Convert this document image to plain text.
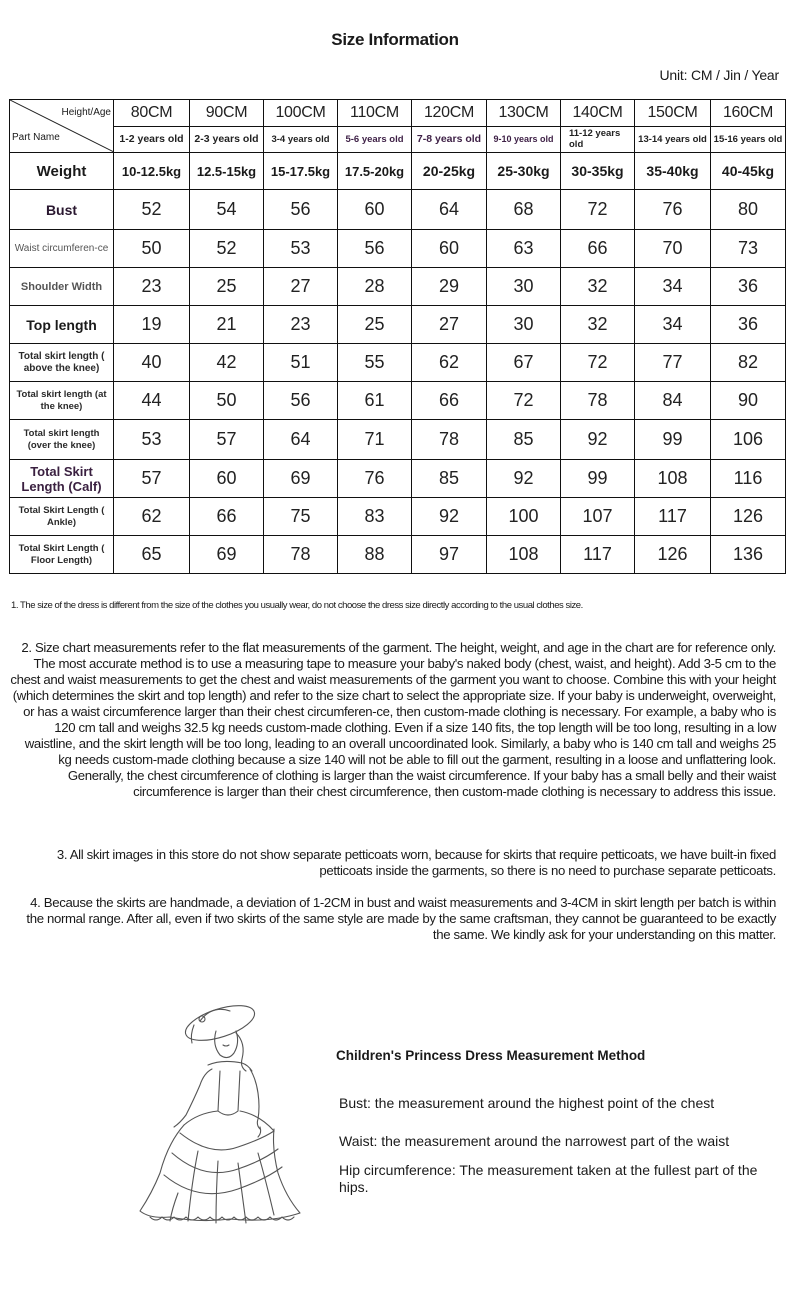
Size Information
Unit: CM / Jin / Year
Height/Age
Part Name	80CM	90CM	100CM	110CM	120CM	130CM	140CM	150CM	160CM
	1-2 years old	2-3 years old	3-4 years old	5-6 years old	7-8 years old	9-10 years old	11-12 years old	13-14 years old	15-16 years old
Weight	10-12.5kg	12.5-15kg	15-17.5kg	17.5-20kg	20-25kg	25-30kg	30-35kg	35-40kg	40-45kg
Bust	52	54	56	60	64	68	72	76	80
Waist circumferen-ce	50	52	53	56	60	63	66	70	73
Shoulder Width	23	25	27	28	29	30	32	34	36
Top length	19	21	23	25	27	30	32	34	36
Total skirt length ( above the knee)	40	42	51	55	62	67	72	77	82
Total skirt length (at the knee)	44	50	56	61	66	72	78	84	90
Total skirt length (over the knee)	53	57	64	71	78	85	92	99	106
Total Skirt Length (Calf)	57	60	69	76	85	92	99	108	116
Total Skirt Length ( Ankle)	62	66	75	83	92	100	107	117	126
Total Skirt Length ( Floor Length)	65	69	78	88	97	108	117	126	136
1. The size of the dress is different from the size of the clothes you usually wear, do not choose the dress size directly according to the usual clothes size.
2. Size chart measurements refer to the flat measurements of the garment. The height, weight, and age in the chart are for reference only. The most accurate method is to use a measuring tape to measure your baby's naked body (chest, waist, and height). Add 3-5 cm to the chest and waist measurements to get the chest and waist measurements of the garment you want to choose. Combine this with your height (which determines the skirt and top length) and refer to the size chart to select the appropriate size. If your baby is underweight, overweight, or has a waist circumference larger than their chest circumferen-ce, then custom-made clothing is necessary. For example, a baby who is 120 cm tall and weighs 32.5 kg needs custom-made clothing. Even if a size 140 fits, the top length will be too long, resulting in a low waistline, and the skirt length will be too long, leading to an overall uncoordinated look. Similarly, a baby who is 140 cm tall and weighs 25 kg needs custom-made clothing because a size 140 will not be able to fill out the garment, resulting in a loose and unflattering look. Generally, the chest circumference of clothing is larger than the waist circumference. If your baby has a small belly and their waist circumference is larger than their chest circumference, then custom-made clothing is necessary to address this issue.
3. All skirt images in this store do not show separate petticoats worn, because for skirts that require petticoats, we have built-in fixed petticoats inside the garments, so there is no need to purchase separate petticoats.
4. Because the skirts are handmade, a deviation of 1-2CM in bust and waist measurements and 3-4CM in skirt length per batch is within the normal range. After all, even if two skirts of the same style are made by the same craftsman, they cannot be guaranteed to be exactly the same. We kindly ask for your understanding on this matter.
Children's Princess Dress Measurement Method
Bust: the measurement around the highest point of the chest
Waist: the measurement around the narrowest part of the waist
Hip circumference: The measurement taken at the fullest part of the hips.
